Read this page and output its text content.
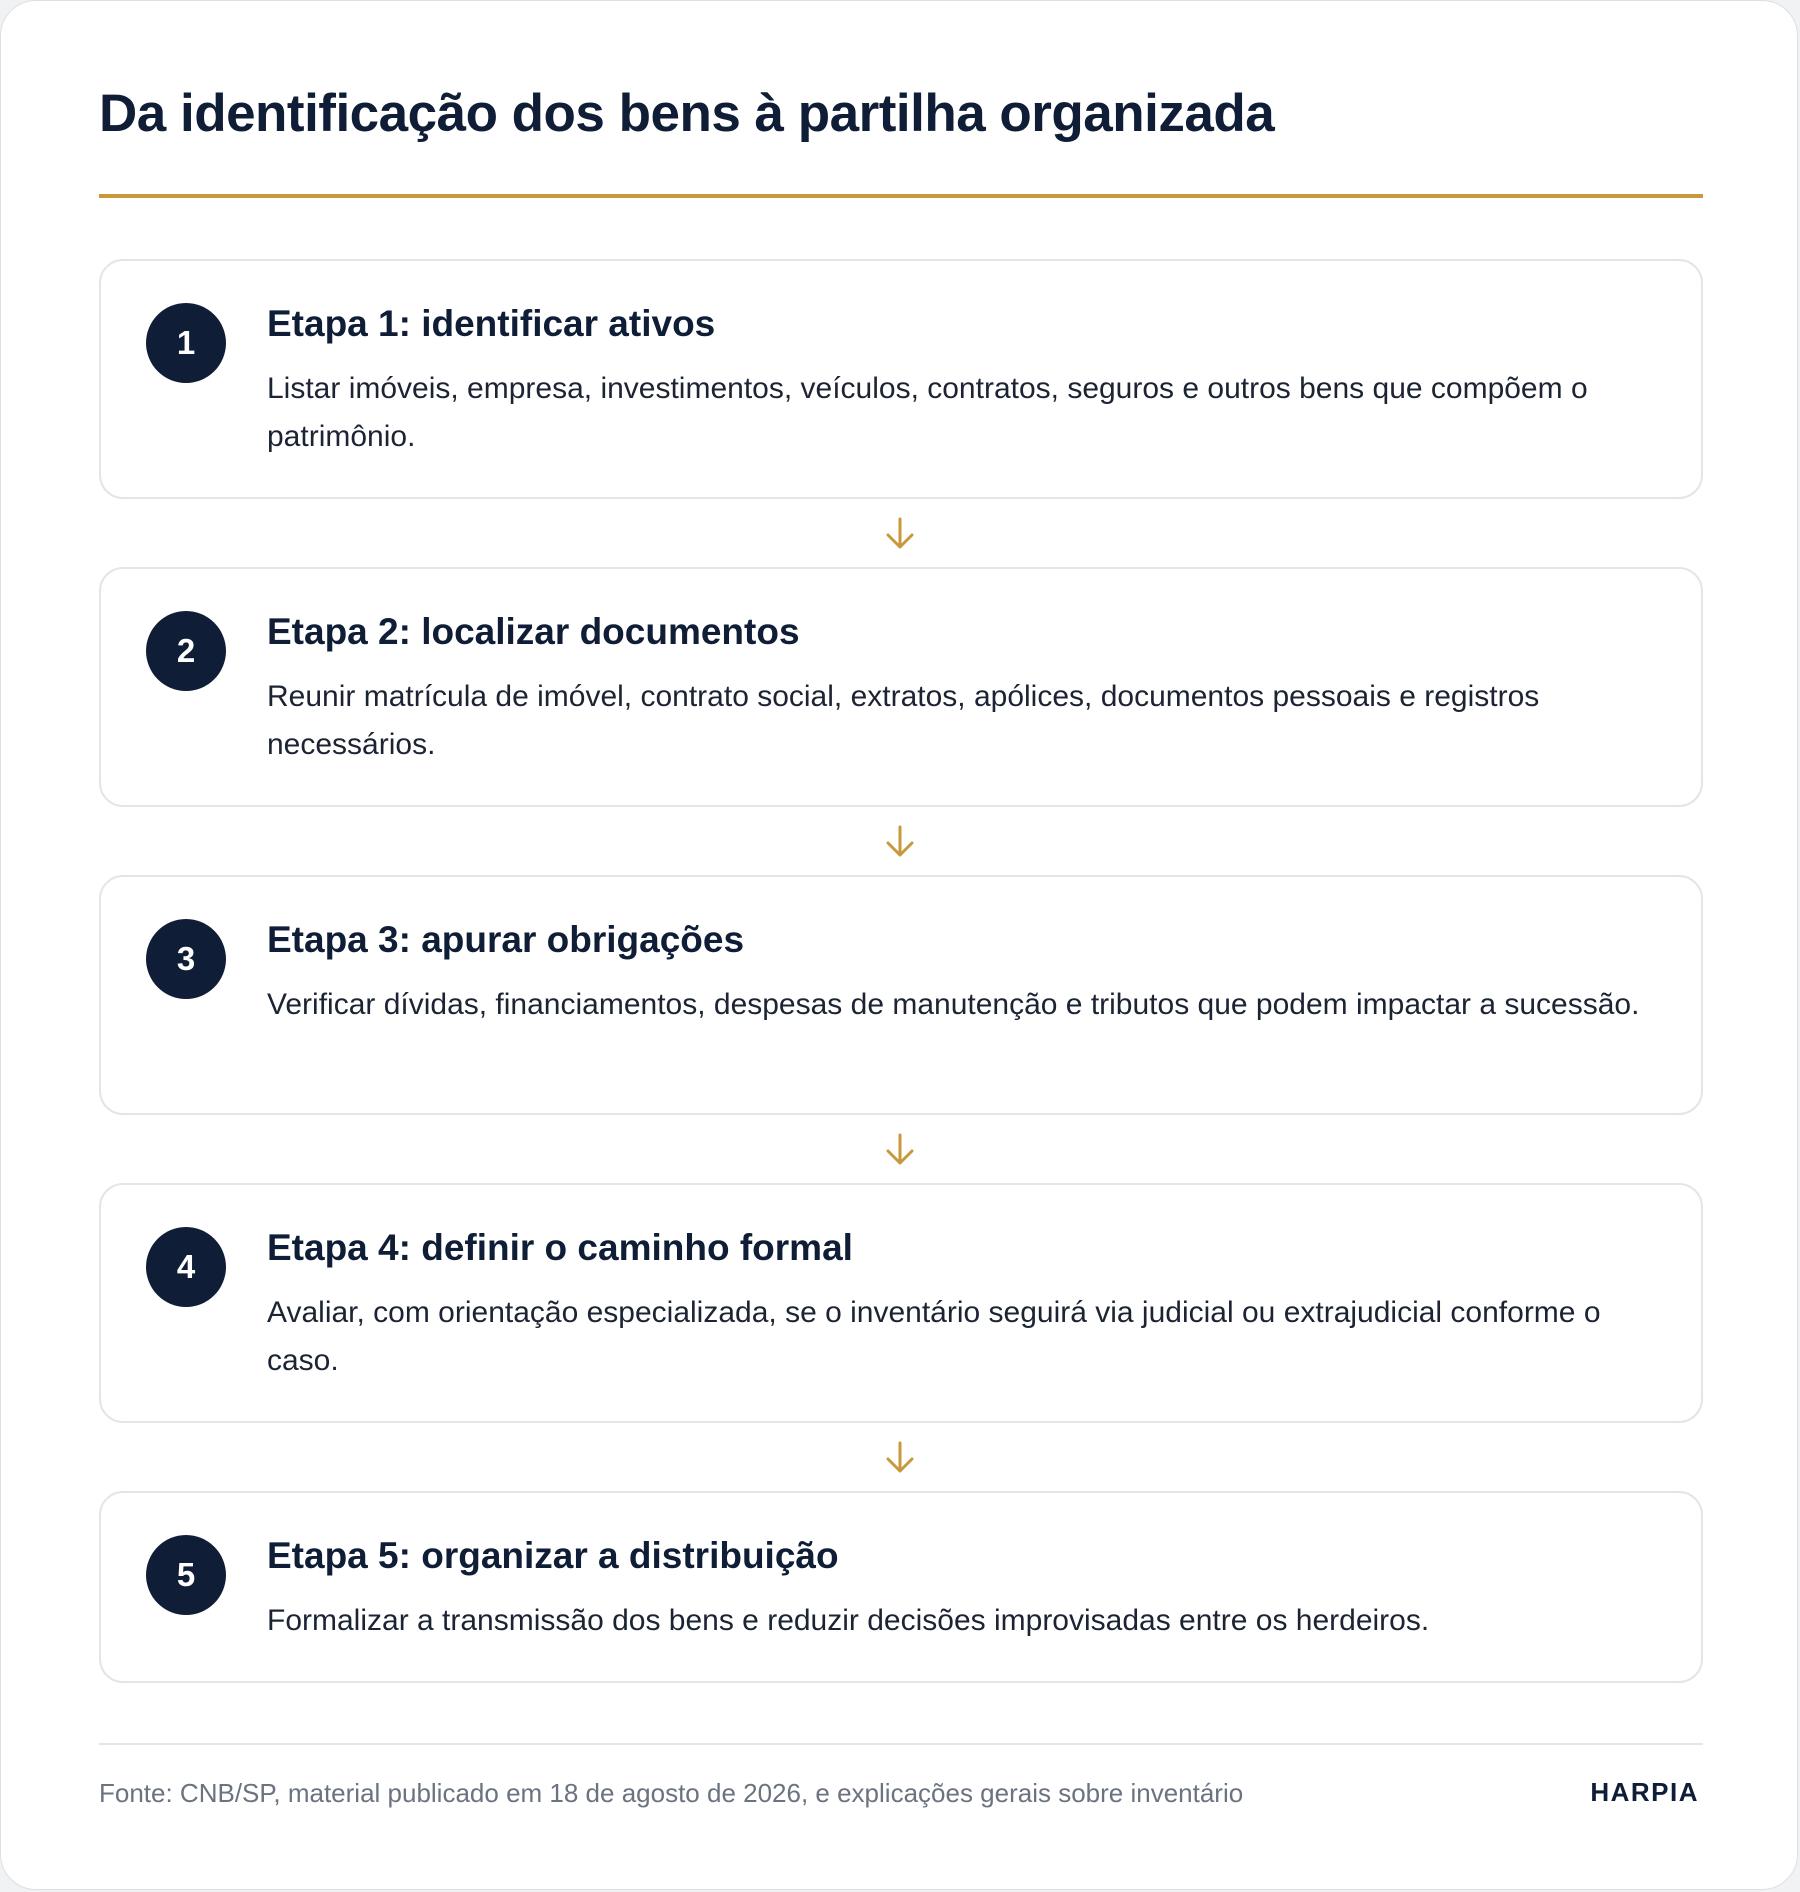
Da identificação dos bens à partilha organizada
1	Etapa 1: identificar ativos

Listar imóveis, empresa, investimentos, veículos, contratos, seguros e outros bens que compõem o patrimônio.

2	Etapa 2: localizar documentos

Reunir matrícula de imóvel, contrato social, extratos, apólices, documentos pessoais e registros necessários.

3	Etapa 3: apurar obrigações

Verificar dívidas, financiamentos, despesas de manutenção e tributos que podem impactar a sucessão.

4	Etapa 4: definir o caminho formal

Avaliar, com orientação especializada, se o inventário seguirá via judicial ou extrajudicial conforme o caso.

5	Etapa 5: organizar a distribuição

Formalizar a transmissão dos bens e reduzir decisões improvisadas entre os herdeiros.

Fonte: CNB/SP, material publicado em 18 de agosto de 2026, e explicações gerais sobre inventário	HARPIA
